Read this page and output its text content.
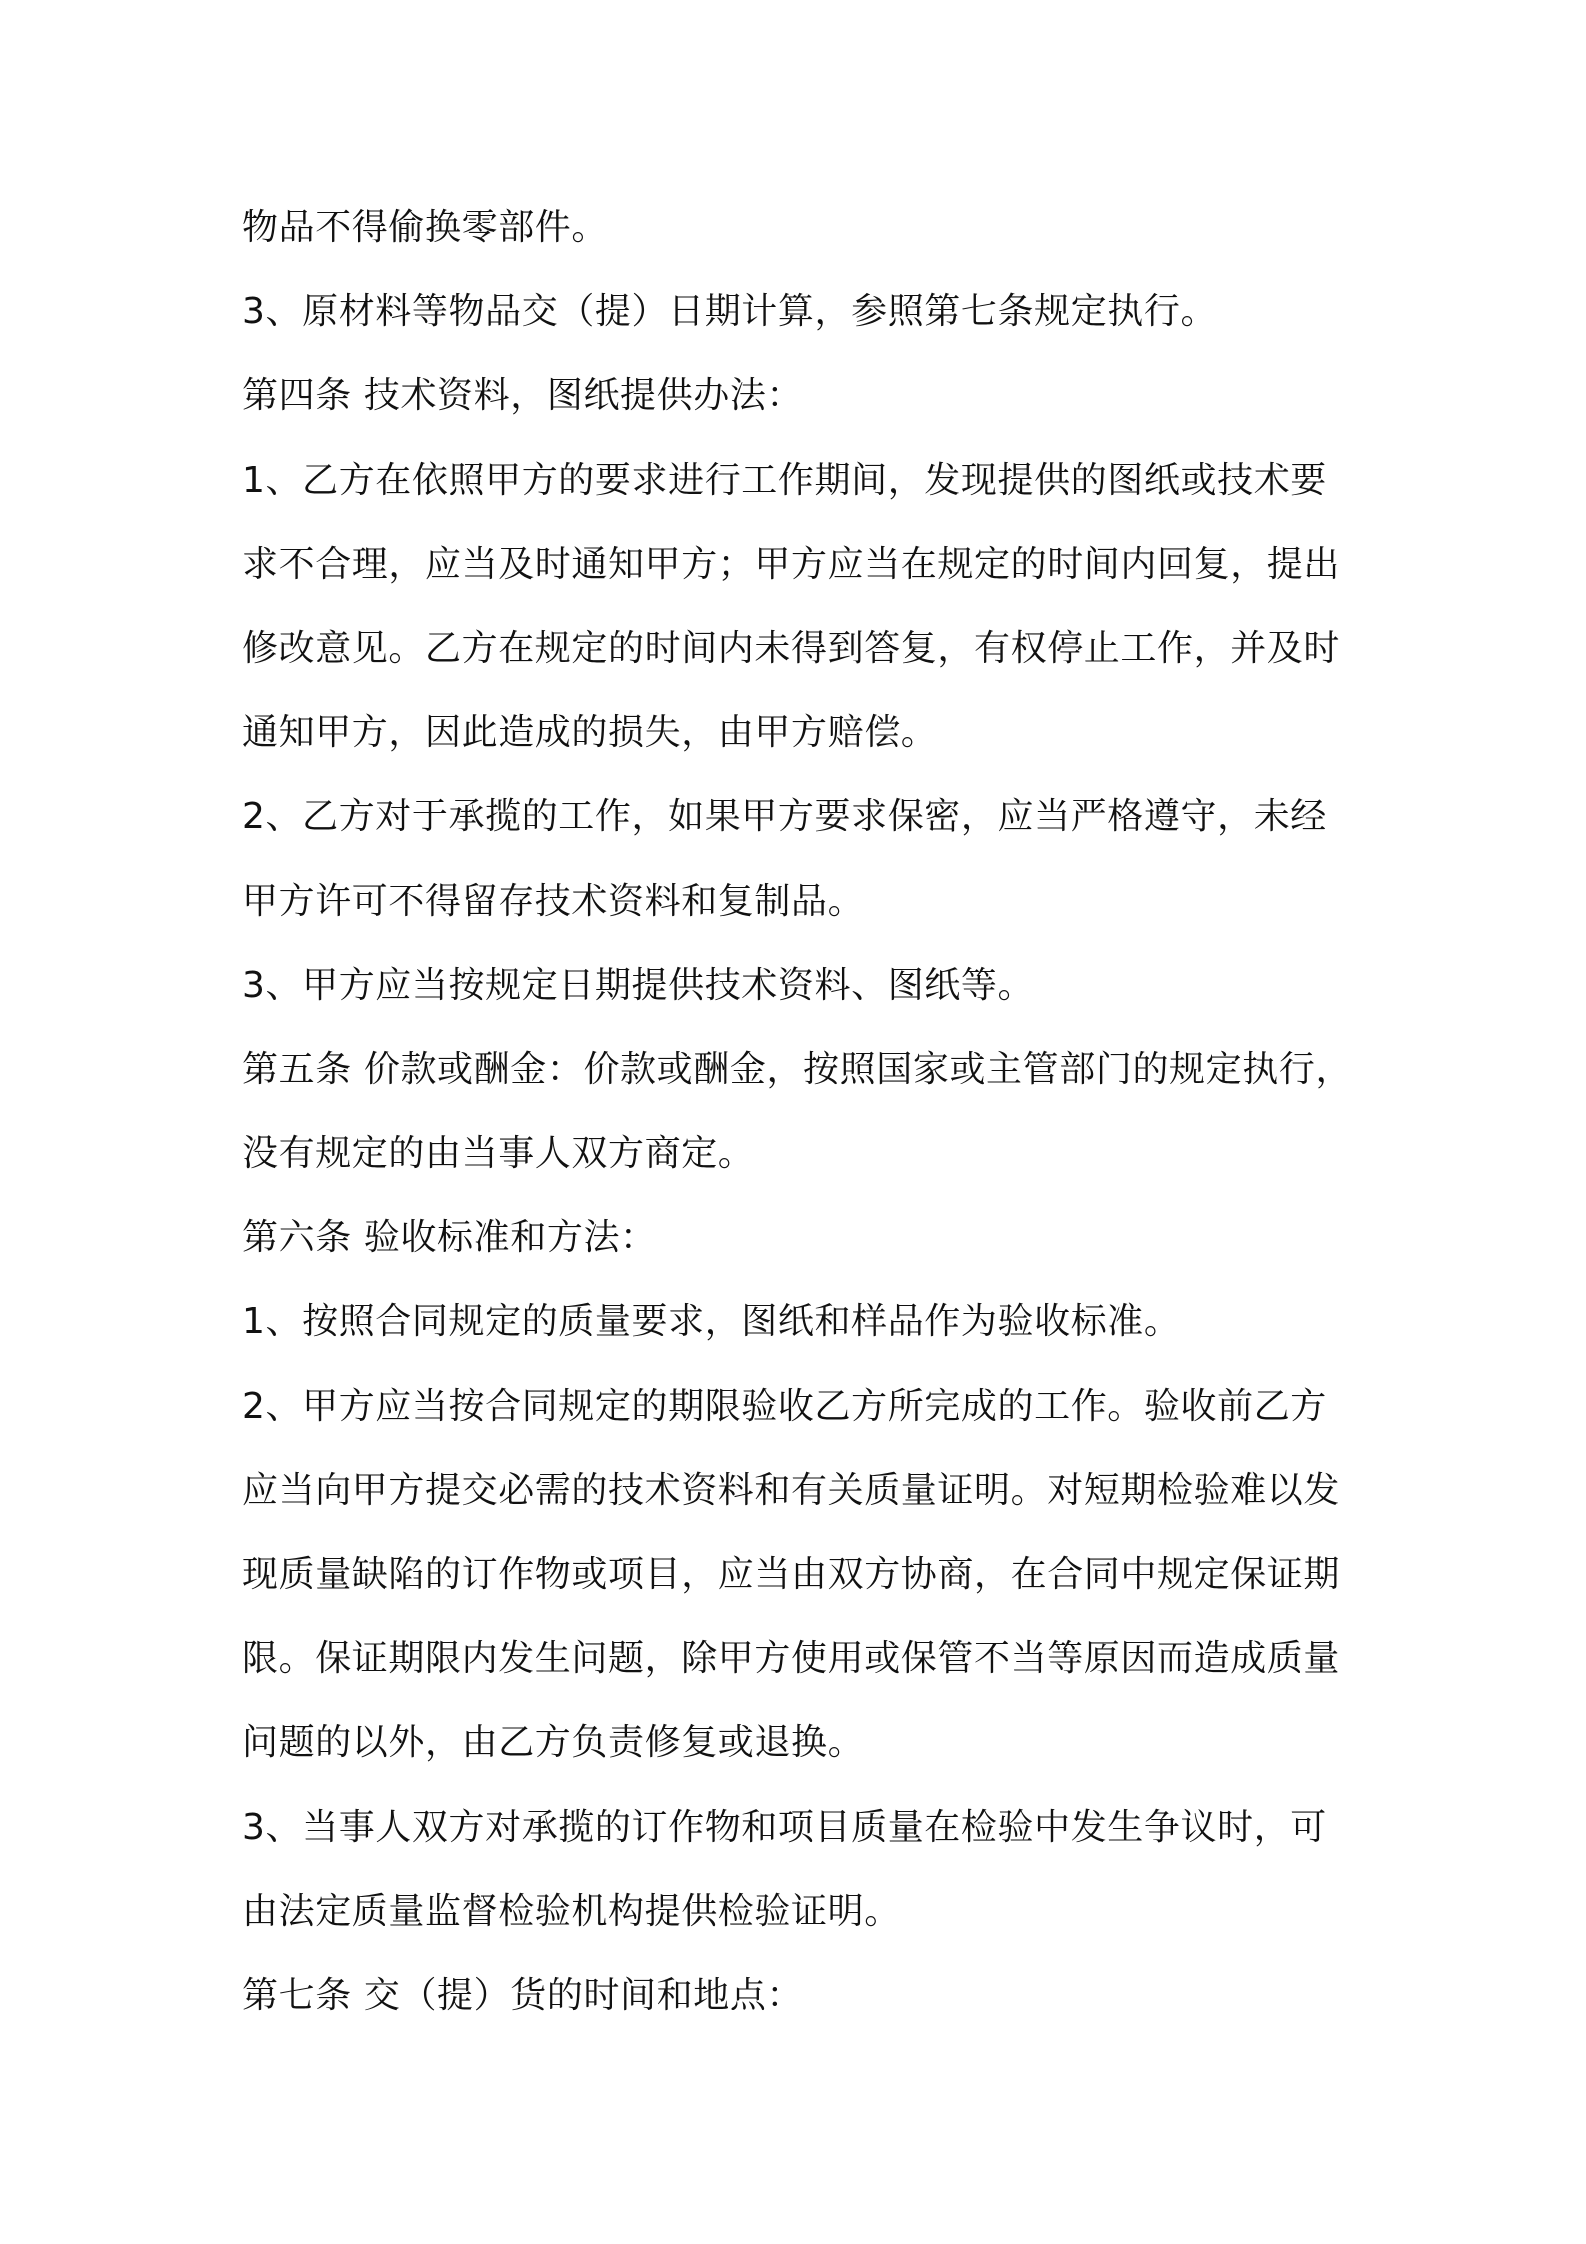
物品不得偷换零部件。
3、原材料等物品交（提）日期计算，参照第七条规定执行。
第四条 技术资料，图纸提供办法：
1、乙方在依照甲方的要求进行工作期间，发现提供的图纸或技术要
求不合理，应当及时通知甲方；甲方应当在规定的时间内回复，提出
修改意见。乙方在规定的时间内未得到答复，有权停止工作，并及时
通知甲方，因此造成的损失，由甲方赔偿。
2、乙方对于承揽的工作，如果甲方要求保密，应当严格遵守，未经
甲方许可不得留存技术资料和复制品。
3、甲方应当按规定日期提供技术资料、图纸等。
第五条 价款或酬金：价款或酬金，按照国家或主管部门的规定执行，
没有规定的由当事人双方商定。
第六条 验收标准和方法：
1、按照合同规定的质量要求，图纸和样品作为验收标准。
2、甲方应当按合同规定的期限验收乙方所完成的工作。验收前乙方
应当向甲方提交必需的技术资料和有关质量证明。对短期检验难以发
现质量缺陷的订作物或项目，应当由双方协商，在合同中规定保证期
限。保证期限内发生问题，除甲方使用或保管不当等原因而造成质量
问题的以外，由乙方负责修复或退换。
3、当事人双方对承揽的订作物和项目质量在检验中发生争议时，可
由法定质量监督检验机构提供检验证明。
第七条 交（提）货的时间和地点：
